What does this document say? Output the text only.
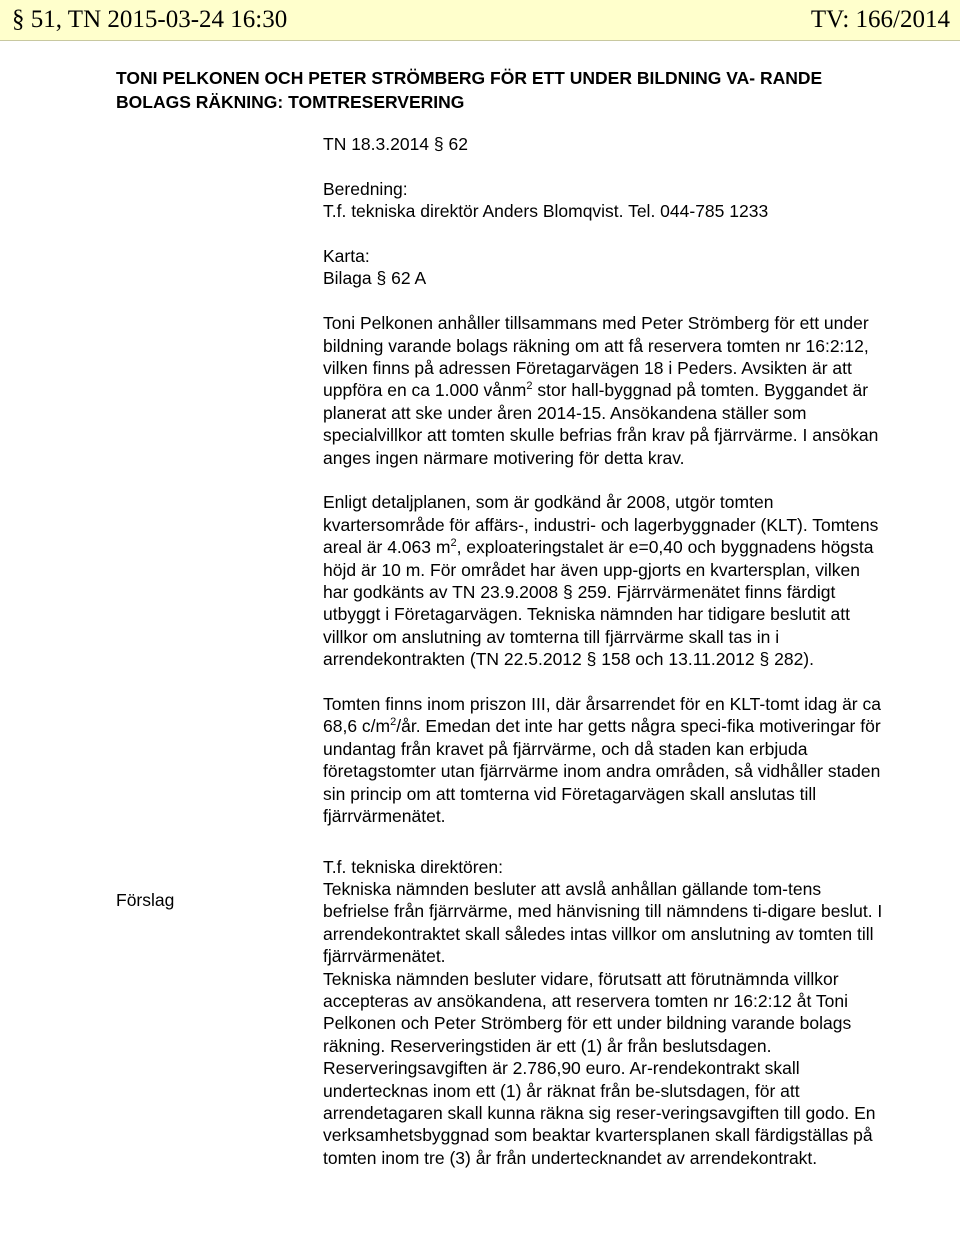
§ 51, TN 2015-03-24 16:30	TV: 166/2014
TONI PELKONEN OCH PETER STRÖMBERG FÖR ETT UNDER BILDNING VA- RANDE BOLAGS RÄKNING: TOMTRESERVERING

TN 18.3.2014 § 62

Beredning:

T.f. tekniska direktör Anders Blomqvist. Tel. 044-785 1233

Karta:

Bilaga § 62 A

Toni Pelkonen anhåller tillsammans med Peter Strömberg för ett under bildning varande bolags räkning om att få reservera tomten nr 16:2:12, vilken finns på adressen Företagarvägen 18 i Peders. Avsikten är att uppföra en ca 1.000 vånm$^2$ stor hall-byggnad på tomten. Byggandet är planerat att ske under åren 2014-15. Ansökandena ställer som specialvillkor att tomten skulle befrias från krav på fjärrvärme. I ansökan anges ingen närmare motivering för detta krav.

Enligt detaljplanen, som är godkänd år 2008, utgör tomten kvartersområde för affärs-, industri- och lagerbyggnader (KLT). Tomtens areal är 4.063 $m^2$, exploateringstalet är e=0,40 och byggnadens högsta höjd är 10 m. För området har även upp-gjorts en kvartersplan, vilken har godkänts av TN 23.9.2008 § 259. Fjärrvärmenätet finns färdigt utbyggt i Företagarvägen. Tekniska nämnden har tidigare beslutit att villkor om anslutning av tomterna till fjärrvärme skall tas in i arrendekontrakten (TN 22.5.2012 § 158 och 13.11.2012 § 282).

Tomten finns inom priszon III, där årsarrendet för en KLT-tomt idag är ca 68,6 $c/m^2/år$. Emedan det inte har getts några speci-fika motiveringar för undantag från kravet på fjärrvärme, och då staden kan erbjuda företagstomter utan fjärrvärme inom andra områden, så vidhåller staden sin princip om att tomterna vid Företagarvägen skall anslutas till fjärrvärmenätet.

T.f. tekniska direktören:

Tekniska nämnden besluter att avslå anhållan gällande tom-tens befrielse från fjärrvärme, med hänvisning till nämndens ti-digare beslut. I arrendekontraktet skall således intas villkor om anslutning av tomten till fjärrvärmenätet.

Tekniska nämnden besluter vidare, förutsatt att förutnämnda villkor accepteras av ansökandena, att reservera tomten nr 16:2:12 åt Toni Pelkonen och Peter Strömberg för ett under bildning varande bolags räkning. Reserveringstiden är ett (1) år från beslutsdagen. Reserveringsavgiften är 2.786,90 euro. Ar-rendekontrakt skall undertecknas inom ett (1) år räknat från be-slutsdagen, för att arrendetagaren skall kunna räkna sig reser-veringsavgiften till godo. En verksamhetsbyggnad som beaktar kvartersplanen skall färdigställas på tomten inom tre (3) år från undertecknandet av arrendekontrakt.

Förslag
